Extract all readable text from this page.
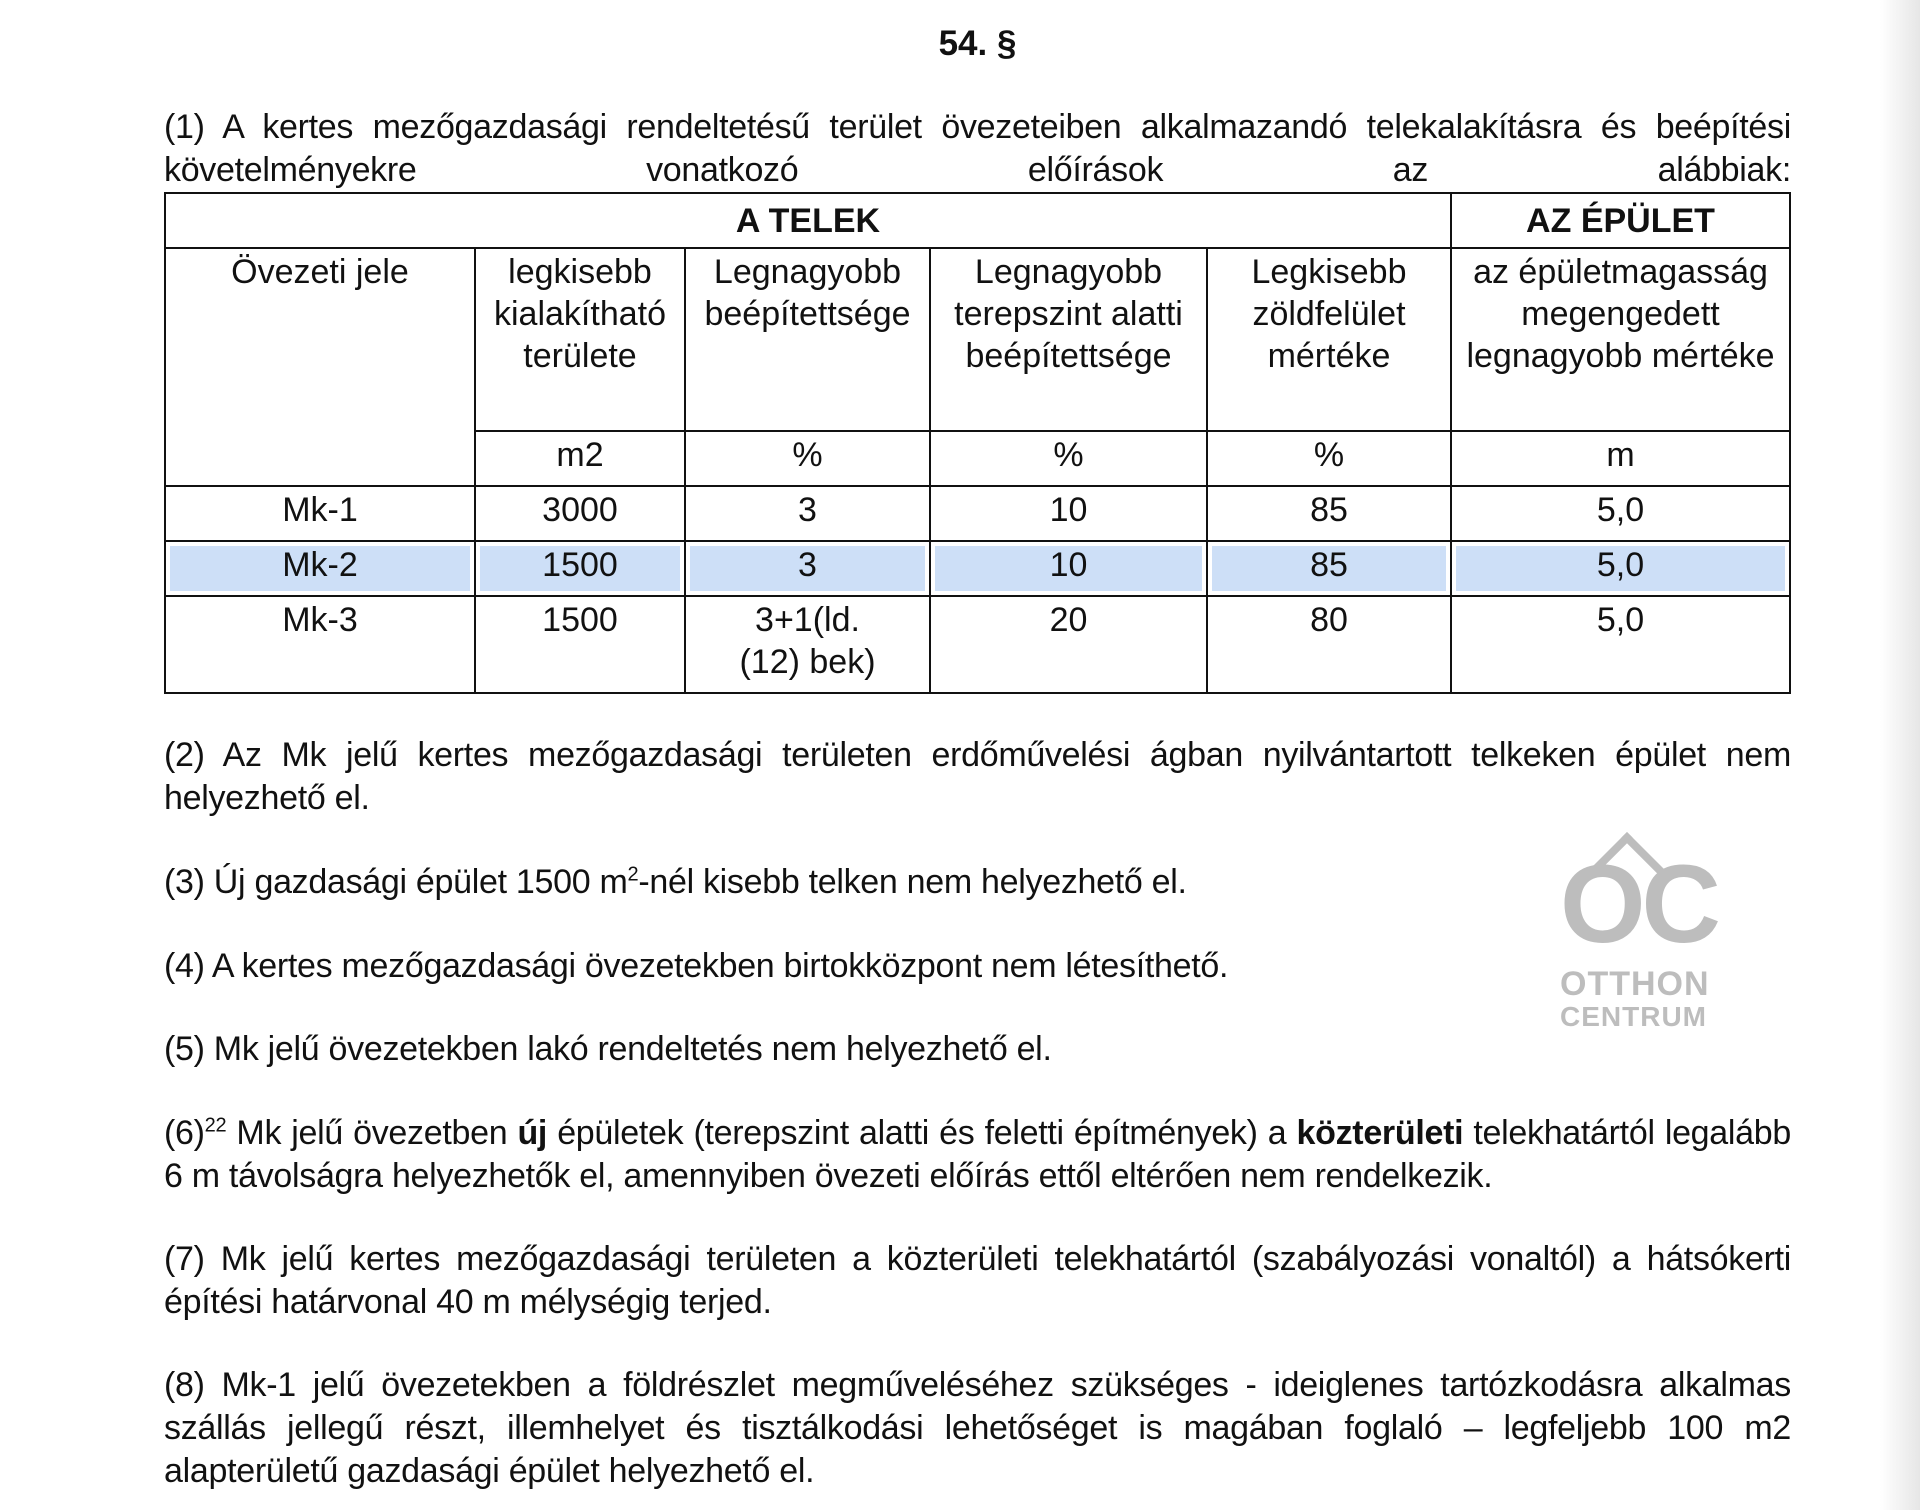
54. §
(1) A kertes mezőgazdasági rendeltetésű terület övezeteiben alkalmazandó telekalakításra és beépítési követelményekre vonatkozó előírások az alábbiak:
A TELEK					AZ ÉPÜLET
Övezeti jele	legkisebb kialakítható területe	Legnagyobb beépítettsége	Legnagyobb terepszint alatti beépítettsége	Legkisebb zöldfelület mértéke	az épületmagasság megengedett legnagyobb mértéke
	m2	%	%	%	m
Mk-1	3000	3	10	85	5,0
Mk-2	1500	3	10	85	5,0
Mk-3	1500	3+1(ld. (12) bek)	20	80	5,0
OC
OTTHON
CENTRUM
(2) Az Mk jelű kertes mezőgazdasági területen erdőművelési ágban nyilvántartott telkeken épület nem helyezhető el.
(3) Új gazdasági épület 1500 $m^2$-nél kisebb telken nem helyezhető el.
(4) A kertes mezőgazdasági övezetekben birtokközpont nem létesíthető.
(5) Mk jelű övezetekben lakó rendeltetés nem helyezhető el.
$(6)^{22}$ Mk jelű övezetben új épületek (terepszint alatti és feletti építmények) a közterületi telekhatártól legalább 6 m távolságra helyezhetők el, amennyiben övezeti előírás ettől eltérően nem rendelkezik.
(7) Mk jelű kertes mezőgazdasági területen a közterületi telekhatártól (szabályozási vonaltól) a hátsókerti építési határvonal 40 m mélységig terjed.
(8) Mk-1 jelű övezetekben a földrészlet megműveléséhez szükséges - ideiglenes tartózkodásra alkalmas szállás jellegű részt, illemhelyet és tisztálkodási lehetőséget is magában foglaló – legfeljebb 100 m2 alapterületű gazdasági épület helyezhető el.
